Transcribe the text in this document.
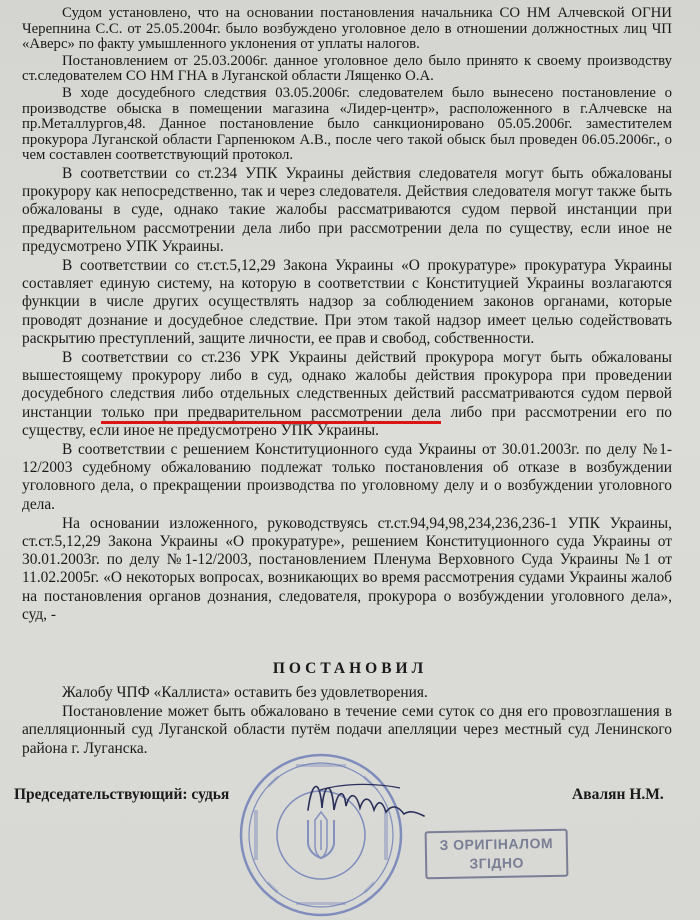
Судом установлено, что на основании постановления начальника СО НМ Алчевской ОГНИ Черепнина С.С. от 25.05.2004г. было возбуждено уголовное дело в отношении должностных лиц ЧП «Аверс» по факту умышленного уклонения от уплаты налогов.

Постановлением от 25.03.2006г. данное уголовное дело было принято к своему производству ст.следователем СО НМ ГНА в Луганской области Лященко О.А.

В ходе досудебного следствия 03.05.2006г. следователем было вынесено постановление о производстве обыска в помещении магазина «Лидер-центр», расположенного в г.Алчевске на пр.Металлургов,48. Данное постановление было санкционировано 05.05.2006г. заместителем прокурора Луганской области Гарпенюком А.В., после чего такой обыск был проведен 06.05.2006г., о чем составлен соответствующий протокол.

В соответствии со ст.234 УПК Украины действия следователя могут быть обжалованы прокурору как непосредственно, так и через следователя. Действия следователя могут также быть обжалованы в суде, однако такие жалобы рассматриваются судом первой инстанции при предварительном рассмотрении дела либо при рассмотрении дела по существу, если иное не предусмотрено УПК Украины.

В соответствии со ст.ст.5,12,29 Закона Украины «О прокуратуре» прокуратура Украины составляет единую систему, на которую в соответствии с Конституцией Украины возлагаются функции в числе других осуществлять надзор за соблюдением законов органами, которые проводят дознание и досудебное следствие. При этом такой надзор имеет целью содействовать раскрытию преступлений, защите личности, ее прав и свобод, собственности.

В соответствии со ст.236 УРК Украины действий прокурора могут быть обжалованы вышестоящему прокурору либо в суд, однако жалобы действия прокурора при проведении досудебного следствия либо отдельных следственных действий рассматриваются судом первой инстанции только при предварительном рассмотрении дела либо при рассмотрении его по существу, если иное не предусмотрено УПК Украины.

В соответствии с решением Конституционного суда Украины от 30.01.2003г. по делу №1-12/2003 судебному обжалованию подлежат только постановления об отказе в возбуждении уголовного дела, о прекращении производства по уголовному делу и о возбуждении уголовного дела.

На основании изложенного, руководствуясь ст.ст.94,94,98,234,236,236-1 УПК Украины, ст.ст.5,12,29 Закона Украины «О прокуратуре», решением Конституционного суда Украины от 30.01.2003г. по делу №1-12/2003, постановлением Пленума Верховного Суда Украины №1 от 11.02.2005г. «О некоторых вопросах, возникающих во время рассмотрения судами Украины жалоб на постановления органов дознания, следователя, прокурора о возбуждении уголовного дела», суд, -

ПОСТАНОВИЛ

Жалобу ЧПФ «Каллиста» оставить без удовлетворения.

Постановление может быть обжаловано в течение семи суток со дня его провозглашения в апелляционный суд Луганской области путём подачи апелляции через местный суд Ленинского района г. Луганска.

Председательствующий: судья	Авалян Н.М.
З ОРИГІНАЛОМ
ЗГІДНО
